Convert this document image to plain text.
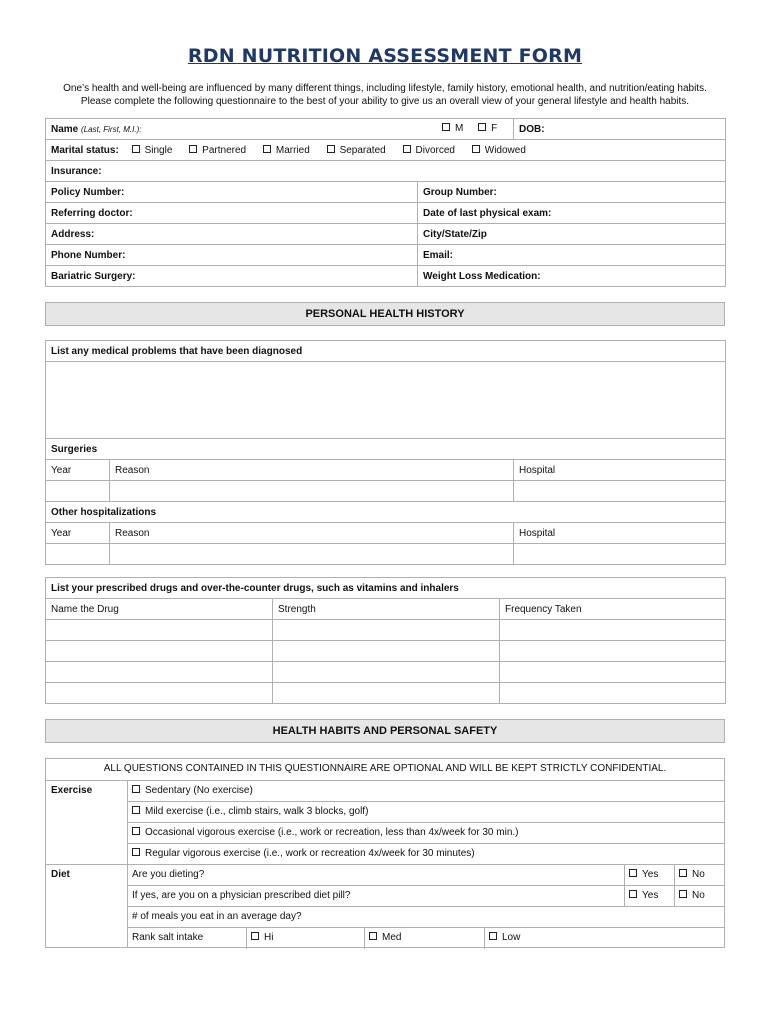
RDN NUTRITION ASSESSMENT FORM
One’s health and well-being are influenced by many different things, including lifestyle, family history, emotional health, and nutrition/eating habits.
Please complete the following questionnaire to the best of your ability to give us an overall view of your general lifestyle and health habits.
Name (Last, First, M.I.): M F		DOB:
Marital status: Single Partnered Married Separated Divorced Widowed		
Insurance:		
Policy Number:	Group Number:	
Referring doctor:	Date of last physical exam:	
Address:	City/State/Zip	
Phone Number:	Email:	
Bariatric Surgery:	Weight Loss Medication:	
PERSONAL HEALTH HISTORY
List any medical problems that have been diagnosed		

Surgeries		
Year	Reason	Hospital

Other hospitalizations		
Year	Reason	Hospital

List your prescribed drugs and over-the-counter drugs, such as vitamins and inhalers		
Name the Drug	Strength	Frequency Taken

HEALTH HABITS AND PERSONAL SAFETY
ALL QUESTIONS CONTAINED IN THIS QUESTIONNAIRE ARE OPTIONAL AND WILL BE KEPT STRICTLY CONFIDENTIAL.
Exercise	Sedentary (No exercise)
Mild exercise (i.e., climb stairs, walk 3 blocks, golf)
Occasional vigorous exercise (i.e., work or recreation, less than 4x/week for 30 min.)
Regular vigorous exercise (i.e., work or recreation 4x/week for 30 minutes)
Diet	Are you dieting?	Yes	No
If yes, are you on a physician prescribed diet pill?	Yes	No
# of meals you eat in an average day?
Rank salt intake	Hi	Med	Low
